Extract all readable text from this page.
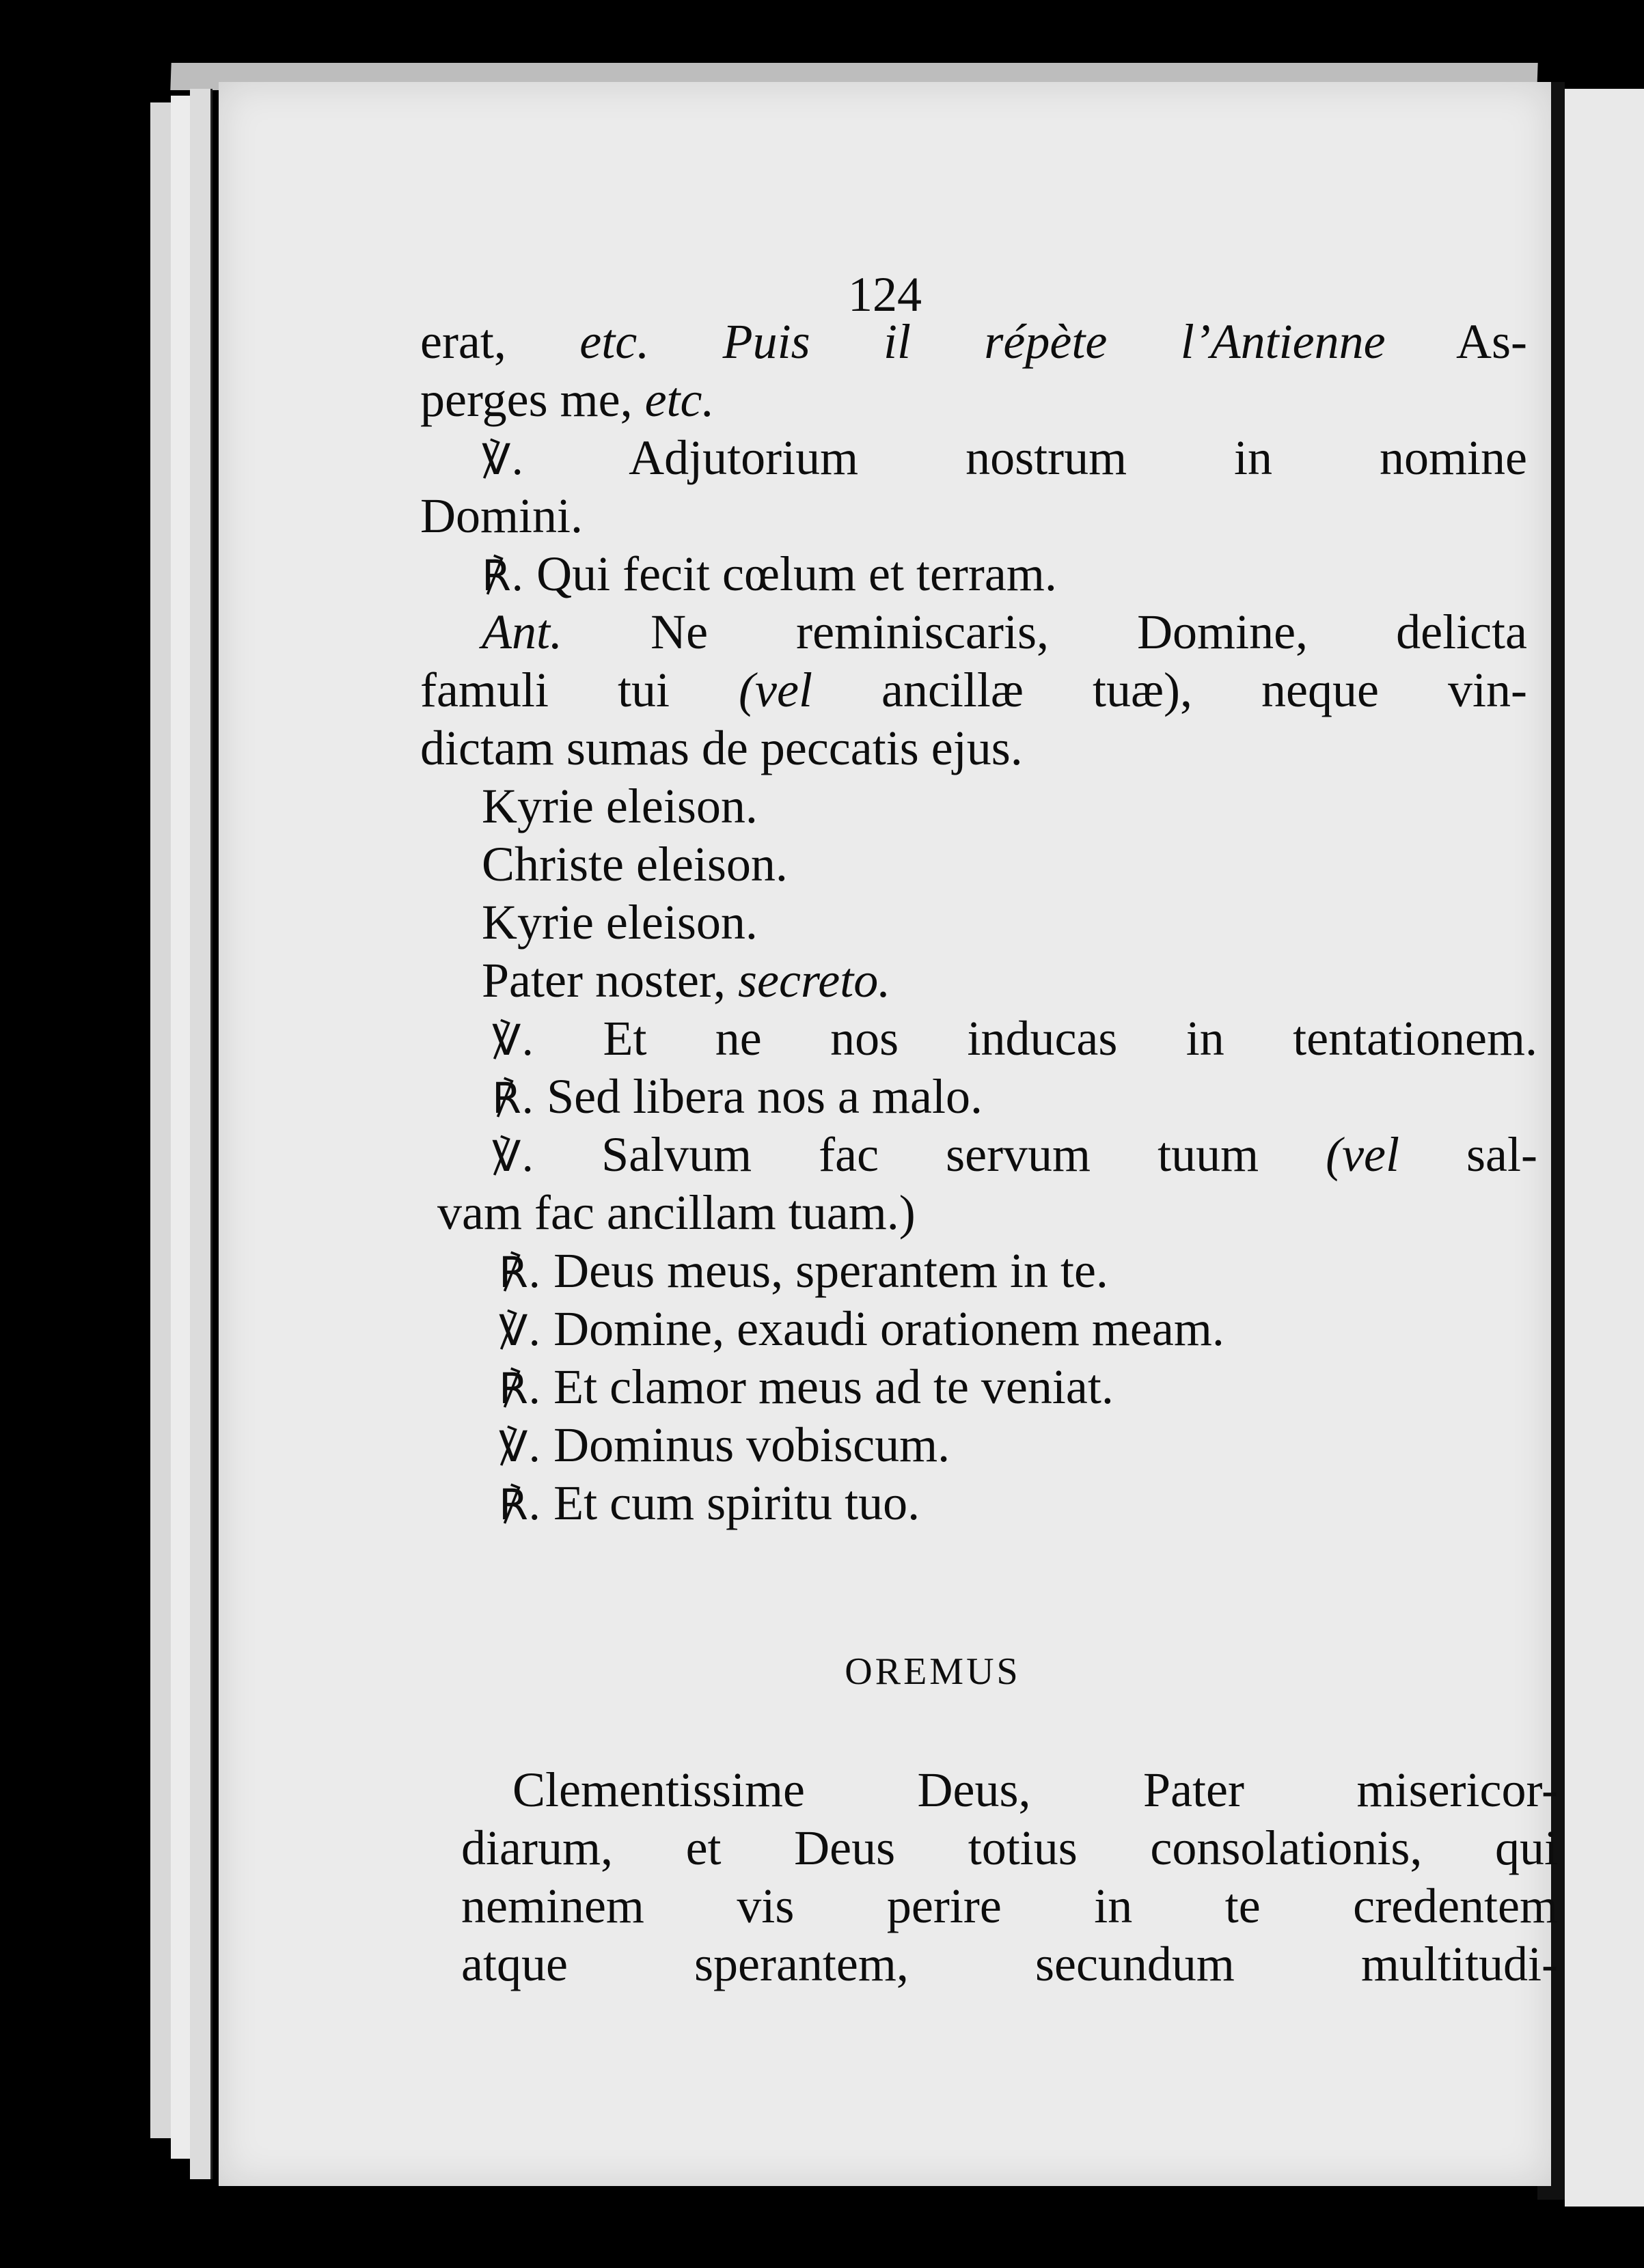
124
erat, etc. Puis il répète l’Antienne As-
perges me, etc.
℣. Adjutorium nostrum in nomine
Domini.
℟. Qui fecit cœlum et terram.
Ant. Ne reminiscaris, Domine, delicta
famuli tui (vel ancillæ tuæ), neque vin-
dictam sumas de peccatis ejus.
Kyrie eleison.
Christe eleison.
Kyrie eleison.
Pater noster, secreto.
℣. Et ne nos inducas in tentationem.
℟. Sed libera nos a malo.
℣. Salvum fac servum tuum (vel sal-
vam fac ancillam tuam.)
℟. Deus meus, sperantem in te.
℣. Domine, exaudi orationem meam.
℟. Et clamor meus ad te veniat.
℣. Dominus vobiscum.
℟. Et cum spiritu tuo.
OREMUS
Clementissime Deus, Pater misericor-
diarum, et Deus totius consolationis, qui
neminem vis perire in te credentem
atque sperantem, secundum multitudi-
